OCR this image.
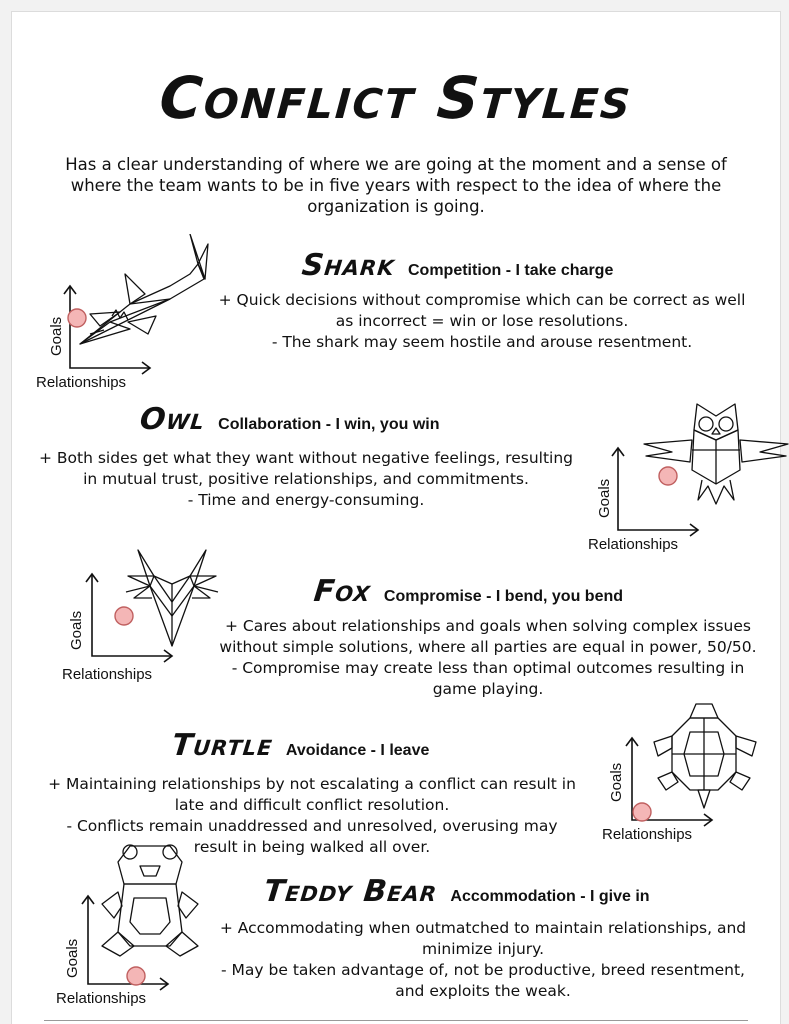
Conflict Styles
Has a clear understanding of where we are going at the moment and a sense of where the team wants to be in five years with respect to the idea of where the organization is going.
Shark Competition - I take charge
+ Quick decisions without compromise which can be correct as well
as incorrect = win or lose resolutions.
- The shark may seem hostile and arouse resentment.
Goals
Relationships
Owl Collaboration - I win, you win
+ Both sides get what they want without negative feelings, resulting
in mutual trust, positive relationships, and commitments.
- Time and energy-consuming.	Goals
Relationships
Fox Compromise - I bend, you bend
+ Cares about relationships and goals when solving complex issues
without simple solutions, where all parties are equal in power, 50/50.
- Compromise may create less than optimal outcomes resulting in
game playing.
Goals
Relationships
Turtle Avoidance - I leave
+ Maintaining relationships by not escalating a conflict can result in
late and difficult conflict resolution.
- Conflicts remain unaddressed and unresolved, overusing may
result in being walked all over.
Goals
Relationships
Teddy Bear Accommodation - I give in
+ Accommodating when outmatched to maintain relationships, and
minimize injury.
- May be taken advantage of, not be productive, breed resentment,
and exploits the weak.
Goals
Relationships
